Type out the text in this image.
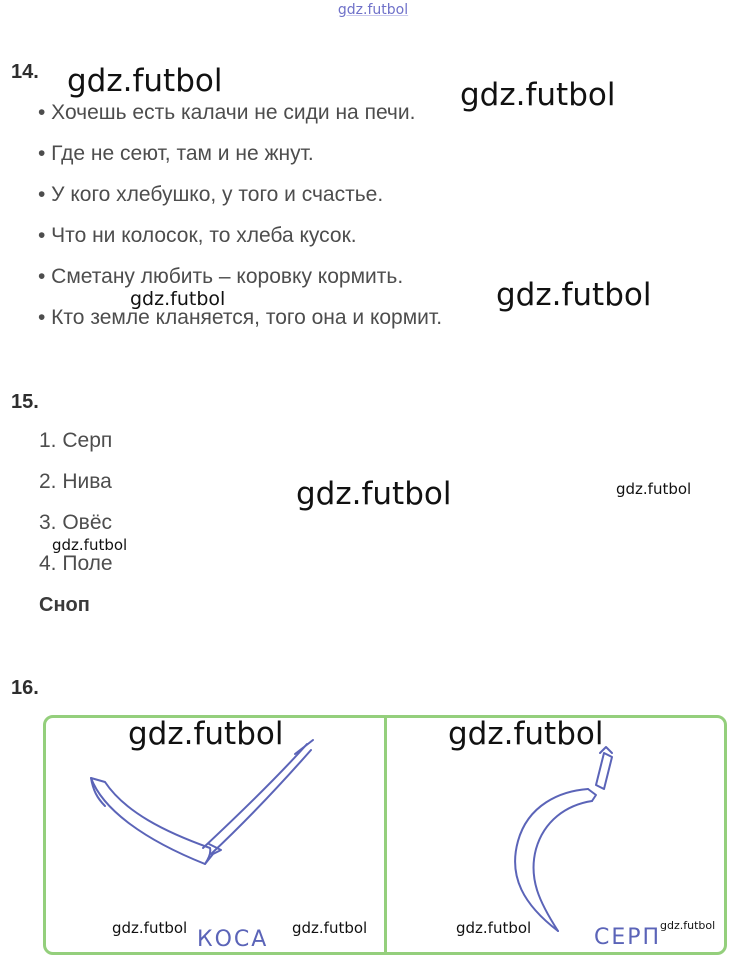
gdz.futbol
14.
• Хочешь есть калачи не сиди на печи.
• Где не сеют, там и не жнут.
• У кого хлебушко, у того и счастье.
• Что ни колосок, то хлеба кусок.
• Сметану любить – коровку кормить.
• Кто земле кланяется, того она и кормит.
15.
1. Серп
2. Нива
3. Овёс
4. Поле
Сноп
16.
КОСА	СЕРП
gdz.futbol	gdz.futbol
gdz.futbol	gdz.futbol
gdz.futbol	gdz.futbol
gdz.futbol
gdz.futbol	gdz.futbol
gdz.futbol	gdz.futbol	gdz.futbol	gdz.futbol
